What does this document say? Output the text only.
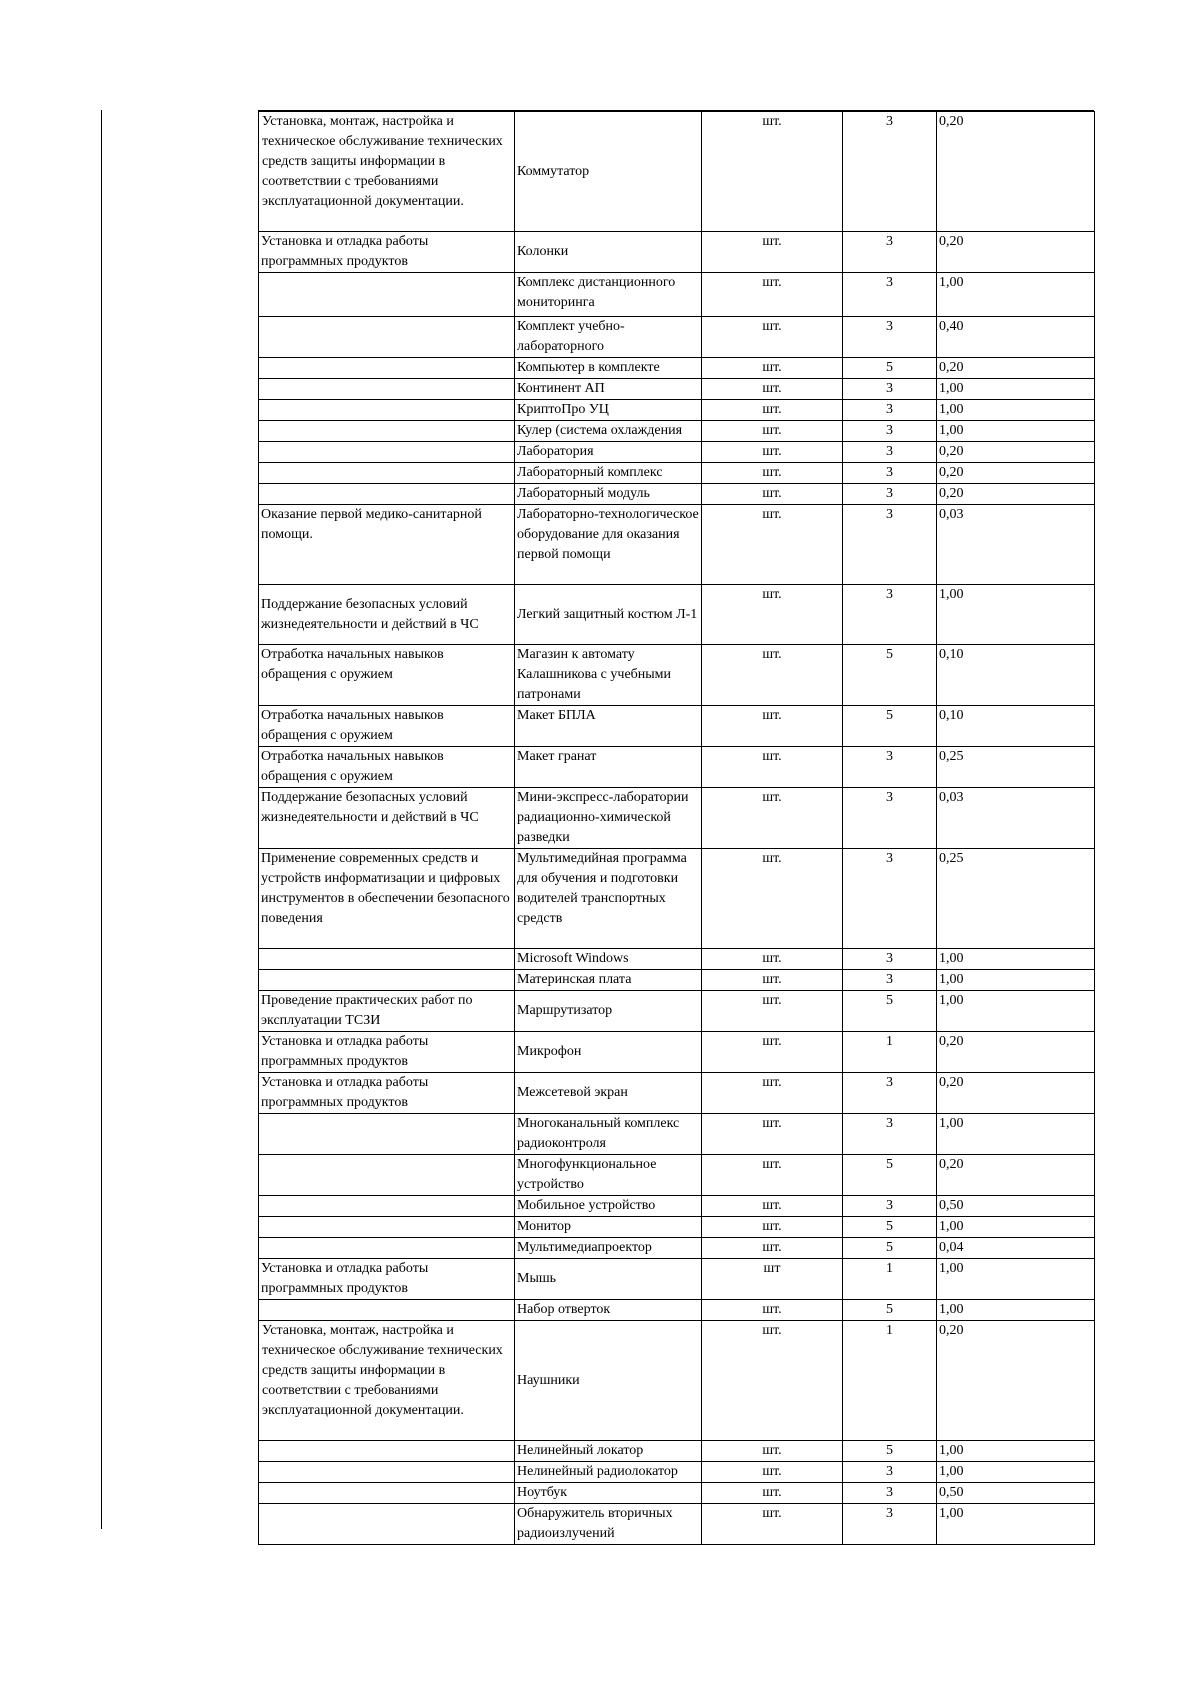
Установка, монтаж, настройка и техническое обслуживание технических средств защиты информации в соответствии с требованиями эксплуатационной документации.	Коммутатор	шт.	3	0,20
Установка и отладка работы программных продуктов	Колонки	шт.	3	0,20
	Комплекс дистанционного мониторинга	шт.	3	1,00
	Комплект учебно-лабораторного	шт.	3	0,40
	Компьютер в комплекте	шт.	5	0,20
	Континент АП	шт.	3	1,00
	КриптоПро УЦ	шт.	3	1,00
	Кулер (система охлаждения	шт.	3	1,00
	Лаборатория	шт.	3	0,20
	Лабораторный комплекс	шт.	3	0,20
	Лабораторный модуль	шт.	3	0,20
Оказание первой медико-санитарной помощи.	Лабораторно-технологическое оборудование для оказания первой помощи	шт.	3	0,03
Поддержание безопасных условий жизнедеятельности и действий в ЧС	Легкий защитный костюм Л-1	шт.	3	1,00
Отработка начальных навыков обращения с оружием	Магазин к автомату Калашникова с учебными патронами	шт.	5	0,10
Отработка начальных навыков обращения с оружием	Макет БПЛА	шт.	5	0,10
Отработка начальных навыков обращения с оружием	Макет гранат	шт.	3	0,25
Поддержание безопасных условий жизнедеятельности и действий в ЧС	Мини-экспресс-лаборатории радиационно-химической разведки	шт.	3	0,03
Применение современных средств и устройств информатизации и цифровых инструментов в обеспечении безопасного поведения	Мультимедийная программа для обучения и подготовки водителей транспортных средств	шт.	3	0,25
	Microsoft Windows	шт.	3	1,00
	Материнская плата	шт.	3	1,00
Проведение практических работ по эксплуатации ТСЗИ	Маршрутизатор	шт.	5	1,00
Установка и отладка работы программных продуктов	Микрофон	шт.	1	0,20
Установка и отладка работы программных продуктов	Межсетевой экран	шт.	3	0,20
	Многоканальный комплекс радиоконтроля	шт.	3	1,00
	Многофункциональное устройство	шт.	5	0,20
	Мобильное устройство	шт.	3	0,50
	Монитор	шт.	5	1,00
	Мультимедиапроектор	шт.	5	0,04
Установка и отладка работы программных продуктов	Мышь	шт	1	1,00
	Набор отверток	шт.	5	1,00
Установка, монтаж, настройка и техническое обслуживание технических средств защиты информации в соответствии с требованиями эксплуатационной документации.	Наушники	шт.	1	0,20
	Нелинейный локатор	шт.	5	1,00
	Нелинейный радиолокатор	шт.	3	1,00
	Ноутбук	шт.	3	0,50
	Обнаружитель вторичных радиоизлучений	шт.	3	1,00
